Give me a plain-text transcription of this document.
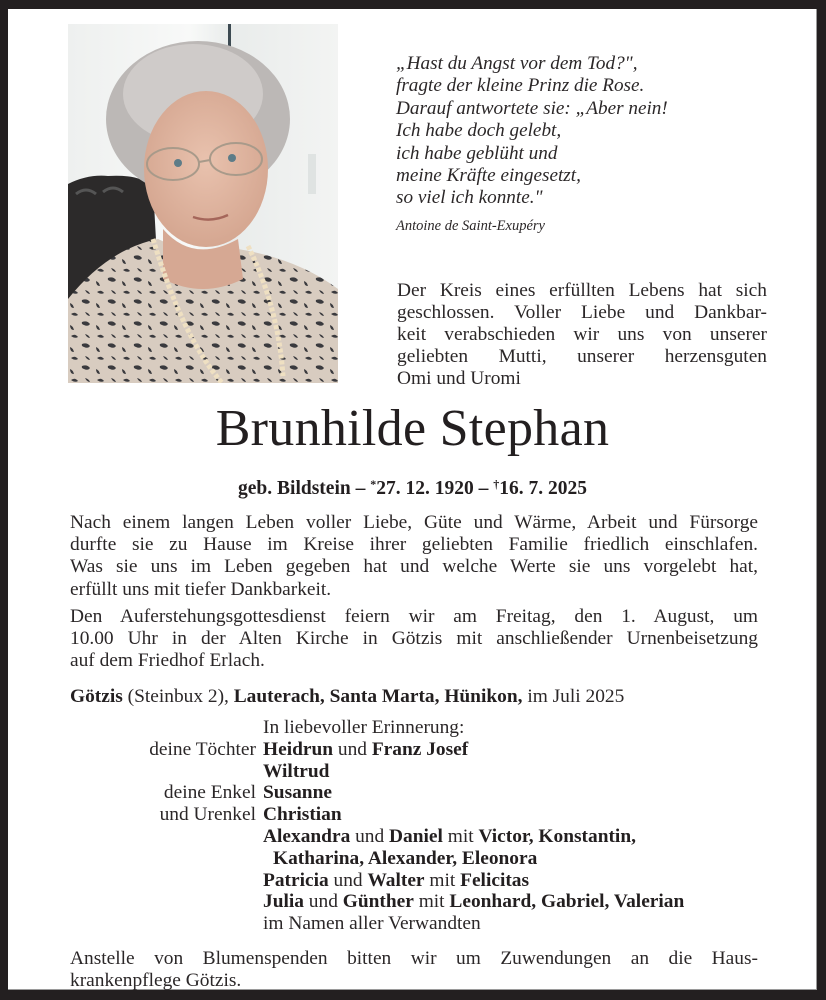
„Hast du Angst vor dem Tod?",
fragte der kleine Prinz die Rose.
Darauf antwortete sie: „Aber nein!
Ich habe doch gelebt,
ich habe geblüht und
meine Kräfte eingesetzt,
so viel ich konnte."
Antoine de Saint-Exupéry
Der Kreis eines erfüllten Lebens hat sich
geschlossen. Voller Liebe und Dankbar-
keit verabschieden wir uns von unserer
geliebten Mutti, unserer herzensguten
Omi und Uromi
Brunhilde Stephan
geb. Bildstein – *27. 12. 1920 – †16. 7. 2025
Nach einem langen Leben voller Liebe, Güte und Wärme, Arbeit und Fürsorge
durfte sie zu Hause im Kreise ihrer geliebten Familie friedlich einschlafen.
Was sie uns im Leben gegeben hat und welche Werte sie uns vorgelebt hat,
erfüllt uns mit tiefer Dankbarkeit.
Den Auferstehungsgottesdienst feiern wir am Freitag, den 1. August, um
10.00 Uhr in der Alten Kirche in Götzis mit anschließender Urnenbeisetzung
auf dem Friedhof Erlach.
Götzis (Steinbux 2), Lauterach, Santa Marta, Hünikon, im Juli 2025
In liebevoller Erinnerung:
deine Töchter Heidrun und Franz Josef
Wiltrud
deine Enkel Susanne
und Urenkel Christian
Alexandra und Daniel mit Victor, Konstantin,
Katharina, Alexander, Eleonora
Patricia und Walter mit Felicitas
Julia und Günther mit Leonhard, Gabriel, Valerian
im Namen aller Verwandten
Anstelle von Blumenspenden bitten wir um Zuwendungen an die Haus-
krankenpflege Götzis.
